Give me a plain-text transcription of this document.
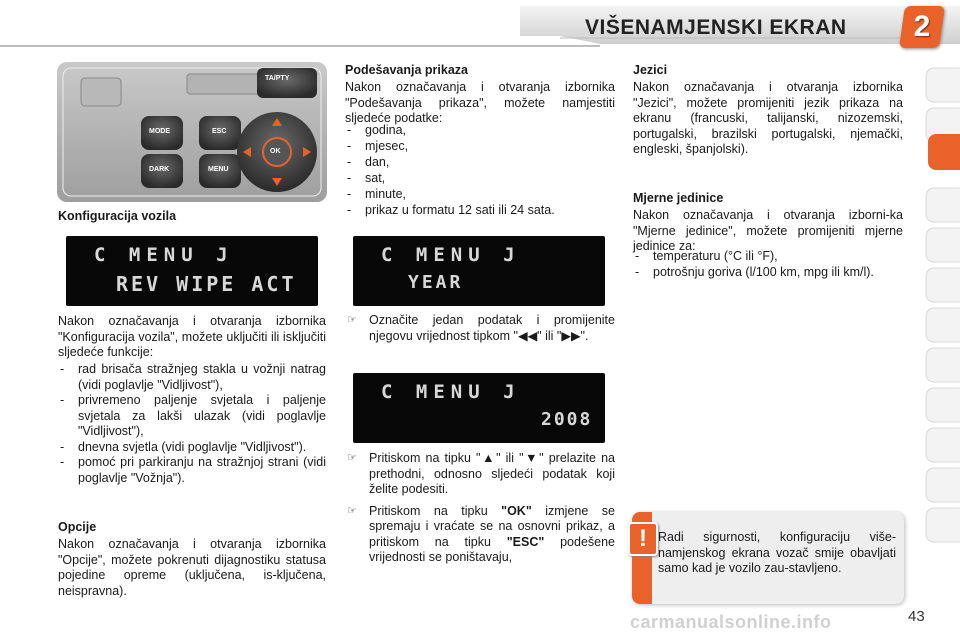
VIŠENAMJENSKI EKRAN	2
TA/PTY
MODE
DARK
ESC
MENU
OK
Konfiguracija vozila
C MENU J
REV WIPE ACT
Nakon označavanja i otvaranja izbornika "Konfiguracija vozila", možete uključiti ili isključiti sljedeće funkcije:
- rad brisača stražnjeg stakla u vožnji natrag (vidi poglavlje "Vidljivost"),
- privremeno paljenje svjetala i paljenje svjetala za lakši ulazak (vidi poglavlje "Vidljivost"),
- dnevna svjetla (vidi poglavlje "Vidljivost").
- pomoć pri parkiranju na stražnjoj strani (vidi poglavlje "Vožnja").
Opcije
Nakon označavanja i otvaranja izbornika "Opcije", možete pokrenuti dijagnostiku statusa pojedine opreme (uključena, is-ključena, neispravna).
Podešavanja prikaza
Nakon označavanja i otvaranja izbornika "Podešavanja prikaza", možete namjestiti sljedeće podatke:
- godina,
- mjesec,
- dan,
- sat,
- minute,
- prikaz u formatu 12 sati ili 24 sata.
C MENU J
YEAR
☞ Označite jedan podatak i promijenite njegovu vrijednost tipkom "◀◀" ili "▶▶".
C MENU J
2008
☞ Pritiskom na tipku "▲" ili "▼" prelazite na prethodni, odnosno sljedeći podatak koji želite podesiti.
☞ Pritiskom na tipku "OK" izmjene se spremaju i vraćate se na osnovni prikaz, a pritiskom na tipku "ESC" podešene vrijednosti se poništavaju,
Jezici
Nakon označavanja i otvaranja izbornika "Jezici", možete promijeniti jezik prikaza na ekranu (francuski, talijanski, nizozemski, portugalski, brazilski portugalski, njemački, engleski, španjolski).
Mjerne jedinice
Nakon označavanja i otvaranja izborni-ka "Mjerne jedinice", možete promijeniti mjerne jedinice za:
- temperaturu (°C ili °F),
- potrošnju goriva (l/100 km, mpg ili km/l).
! Radi sigurnosti, konfiguraciju više-namjenskog ekrana vozač smije obavljati samo kad je vozilo zau-stavljeno.
43
carmanualsonline.info
